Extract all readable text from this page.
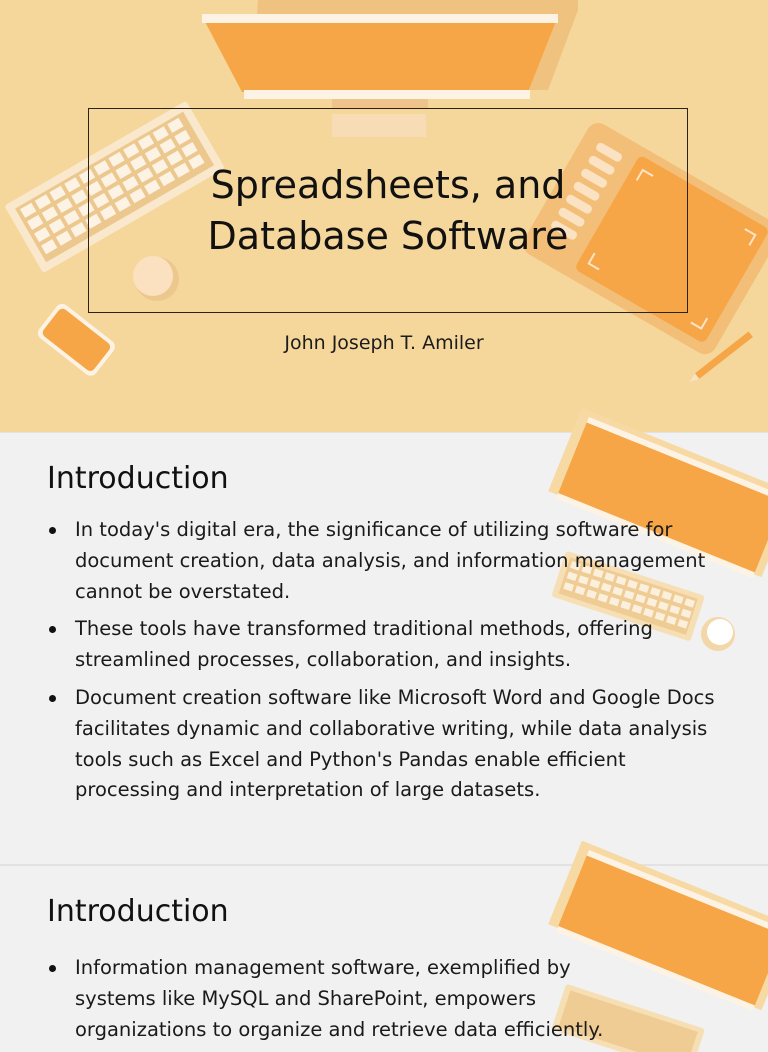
Spreadsheets, and
Database Software
John Joseph T. Amiler
Introduction
In today's digital era, the significance of utilizing software for document creation, data analysis, and information management cannot be overstated.
These tools have transformed traditional methods, offering streamlined processes, collaboration, and insights.
Document creation software like Microsoft Word and Google Docs facilitates dynamic and collaborative writing, while data analysis tools such as Excel and Python's Pandas enable efficient processing and interpretation of large datasets.
Introduction
Information management software, exemplified by systems like MySQL and SharePoint, empowers organizations to organize and retrieve data efficiently.
